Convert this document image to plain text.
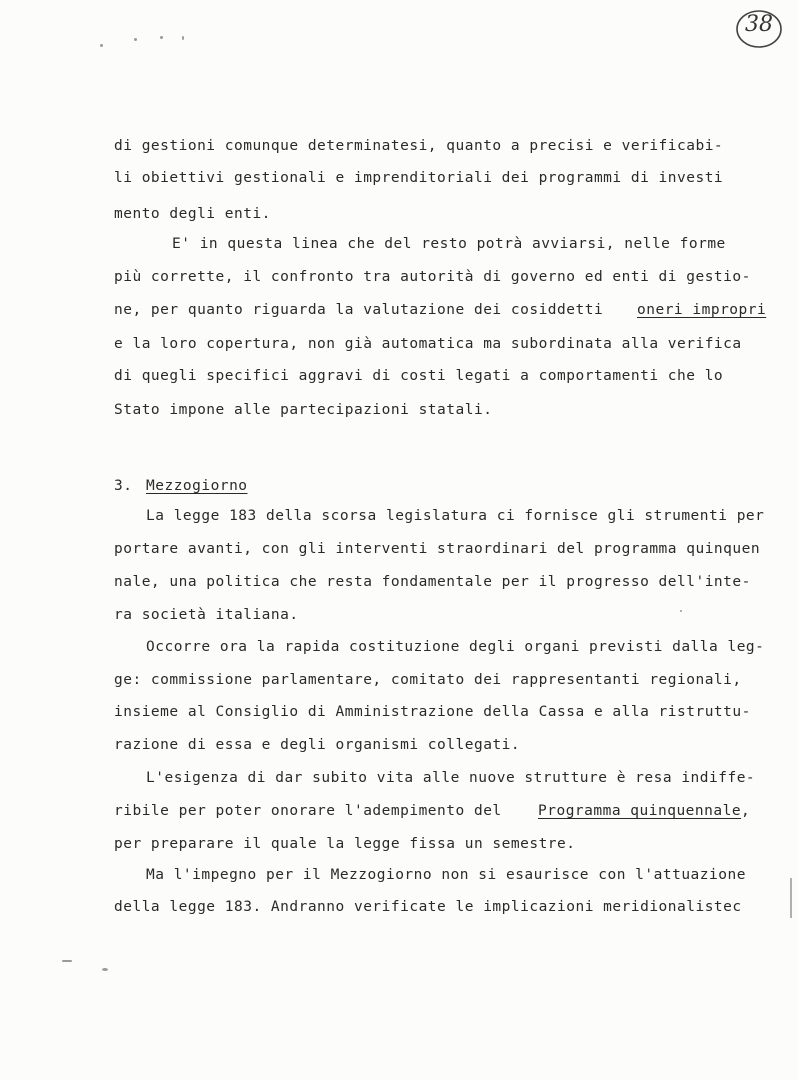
38
di gestioni comunque determinatesi, quanto a precisi e verificabi-
li obiettivi gestionali e imprenditoriali dei programmi di investi
mento degli enti.
E' in questa linea che del resto potrà avviarsi, nelle forme
più corrette, il confronto tra autorità di governo ed enti di gestio-
ne, per quanto riguarda la valutazione dei cosiddetti oneri impropri
e la loro copertura, non già automatica ma subordinata alla verifica
di quegli specifici aggravi di costi legati a comportamenti che lo
Stato impone alle partecipazioni statali.
3. Mezzogiorno
La legge 183 della scorsa legislatura ci fornisce gli strumenti per
portare avanti, con gli interventi straordinari del programma quinquen
nale, una politica che resta fondamentale per il progresso dell'inte-
ra società italiana.
Occorre ora la rapida costituzione degli organi previsti dalla leg-
ge: commissione parlamentare, comitato dei rappresentanti regionali,
insieme al Consiglio di Amministrazione della Cassa e alla ristruttu-
razione di essa e degli organismi collegati.
L'esigenza di dar subito vita alle nuove strutture è resa indiffe-
ribile per poter onorare l'adempimento del	Programma quinquennale ,
per preparare il quale la legge fissa un semestre.
Ma l'impegno per il Mezzogiorno non si esaurisce con l'attuazione
della legge 183. Andranno verificate le implicazioni meridionalistec
